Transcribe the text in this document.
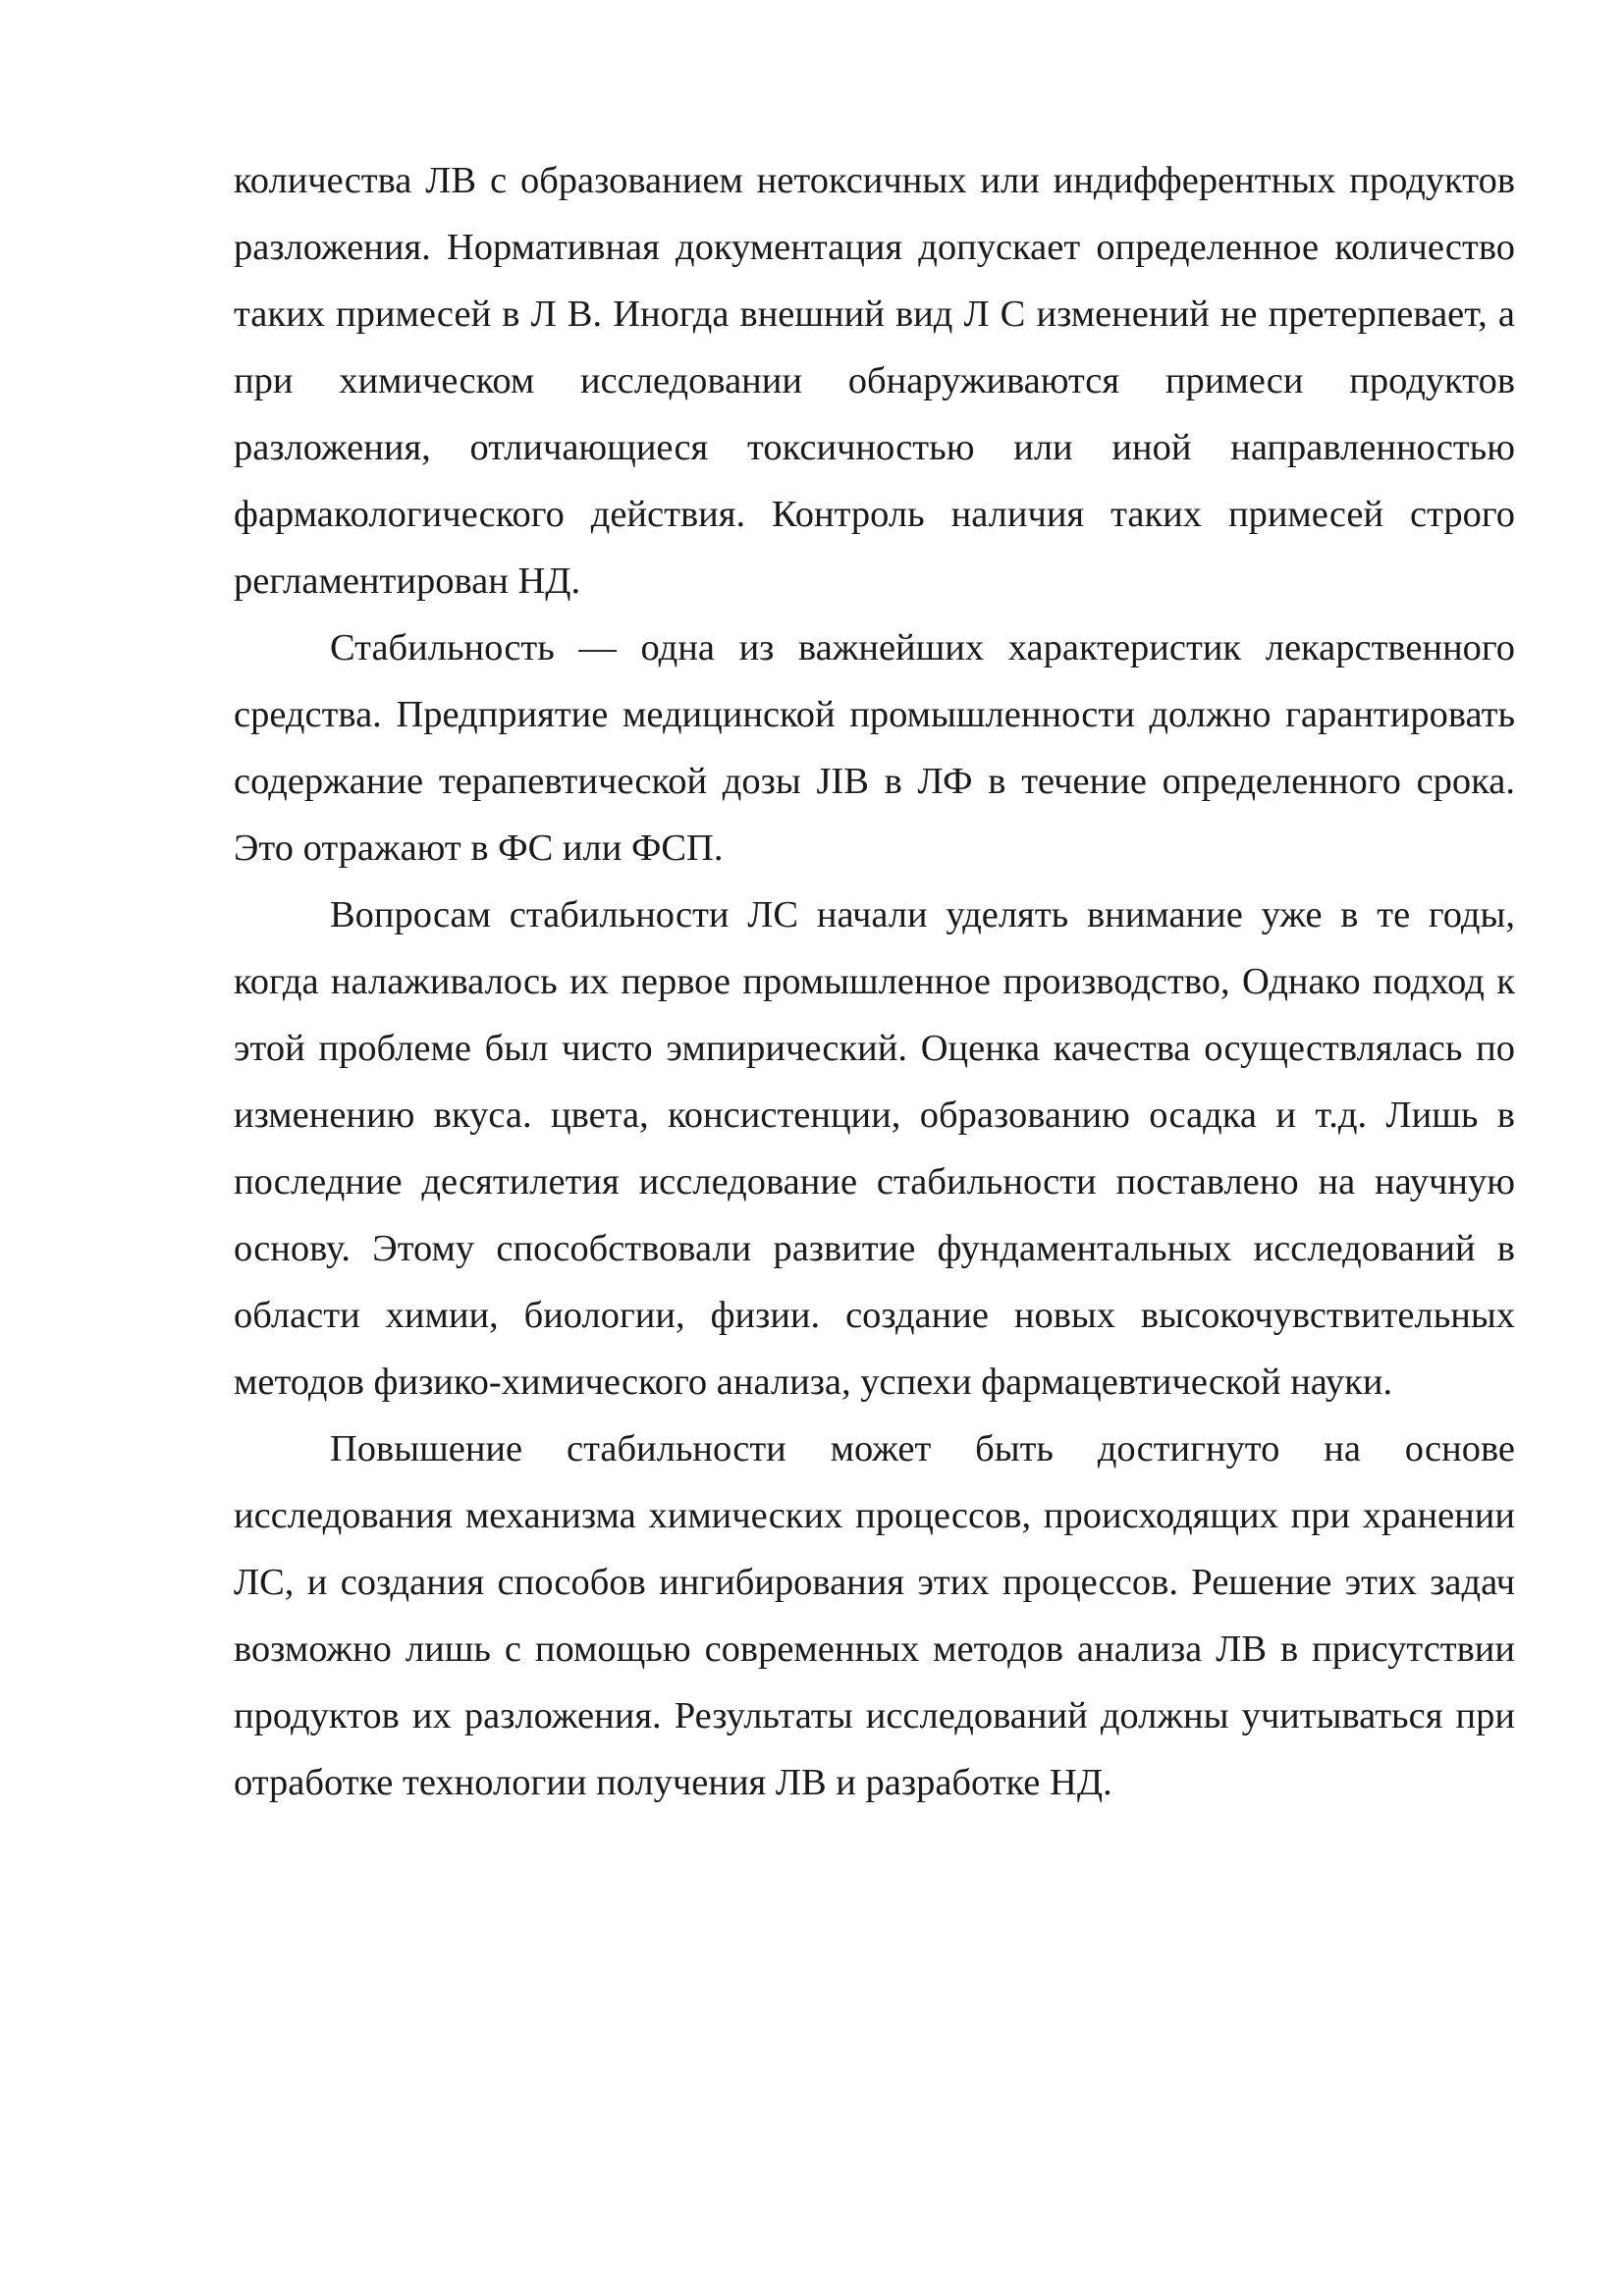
количества ЛВ с образованием нетоксичных или индифферентных продуктов разложения. Нормативная документация допускает определенное количество таких примесей в Л В. Иногда внешний вид Л С изменений не претерпевает, а при химическом исследовании обнаруживаются примеси продуктов разложения, отличающиеся токсичностью или иной направленностью фармакологического действия. Контроль наличия таких примесей строго регламентирован НД.

Стабильность — одна из важнейших характеристик лекарственного средства. Предприятие медицинской промышленности должно гарантировать содержание терапевтической дозы JIB в ЛФ в течение определенного срока. Это отражают в ФС или ФСП.

Вопросам стабильности ЛС начали уделять внимание уже в те годы, когда налаживалось их первое промышленное производство, Однако подход к этой проблеме был чисто эмпирический. Оценка качества осуществлялась по изменению вкуса. цвета, консистенции, образованию осадка и т.д. Лишь в последние десятилетия исследование стабильности поставлено на научную основу. Этому способствовали развитие фундаментальных исследований в области химии, биологии, физии. создание новых высокочувствительных методов физико-химического анализа, успехи фармацевтической науки.

Повышение стабильности может быть достигнуто на основе исследования механизма химических процессов, происходящих при хранении ЛС, и создания способов ингибирования этих процессов. Решение этих задач возможно лишь с помощью современных методов анализа ЛВ в присутствии продуктов их разложения. Результаты исследований должны учитываться при отработке технологии получения ЛВ и разработке НД.
